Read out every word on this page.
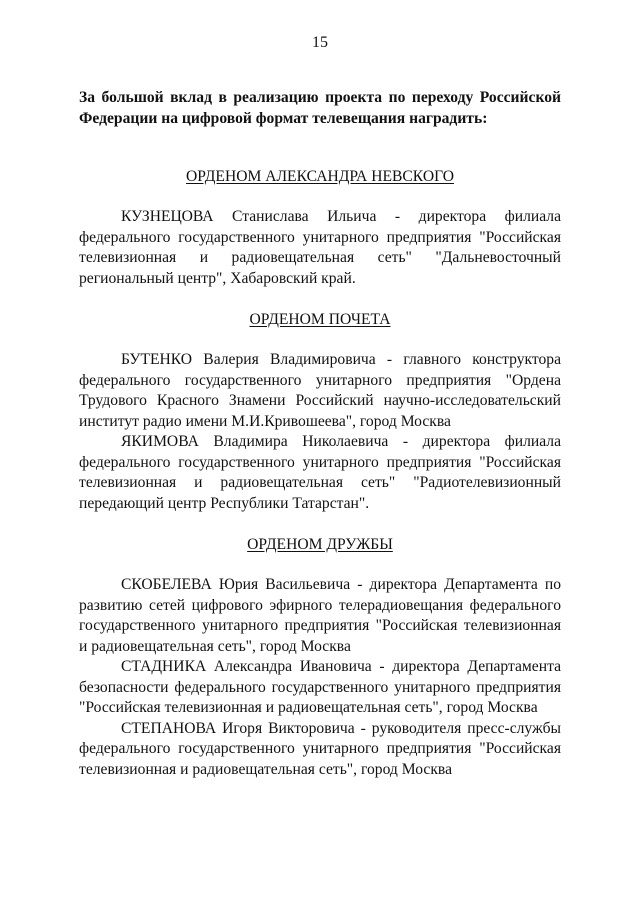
15
За большой вклад в реализацию проекта по переходу Российской Федерации на цифровой формат телевещания наградить:
ОРДЕНОМ АЛЕКСАНДРА НЕВСКОГО

КУЗНЕЦОВА Станислава Ильича - директора филиала федерального государственного унитарного предприятия "Российская телевизионная и радиовещательная сеть" "Дальневосточный региональный центр", Хабаровский край.

ОРДЕНОМ ПОЧЕТА

БУТЕНКО Валерия Владимировича - главного конструктора федерального государственного унитарного предприятия "Ордена Трудового Красного Знамени Российский научно-исследовательский институт радио имени М.И.Кривошеева", город Москва

ЯКИМОВА Владимира Николаевича - директора филиала федерального государственного унитарного предприятия "Российская телевизионная и радиовещательная сеть" "Радиотелевизионный передающий центр Республики Татарстан".

ОРДЕНОМ ДРУЖБЫ

СКОБЕЛЕВА Юрия Васильевича - директора Департамента по развитию сетей цифрового эфирного телерадиовещания федерального государственного унитарного предприятия "Российская телевизионная и радиовещательная сеть", город Москва

СТАДНИКА Александра Ивановича - директора Департамента безопасности федерального государственного унитарного предприятия "Российская телевизионная и радиовещательная сеть", город Москва

СТЕПАНОВА Игоря Викторовича - руководителя пресс-службы федерального государственного унитарного предприятия "Российская телевизионная и радиовещательная сеть", город Москва
